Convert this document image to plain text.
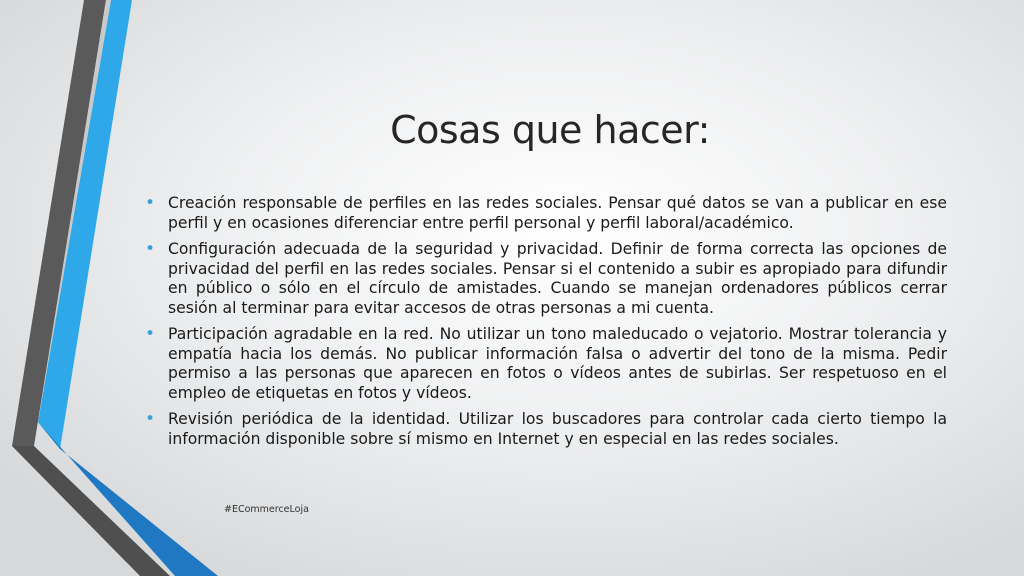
Cosas que hacer:
• Creación responsable de perfiles en las redes sociales. Pensar qué datos se van a publicar en ese perfil y en ocasiones diferenciar entre perfil personal y perfil laboral/académico.
• Configuración adecuada de la seguridad y privacidad. Definir de forma correcta las opciones de privacidad del perfil en las redes sociales. Pensar si el contenido a subir es apropiado para difundir en público o sólo en el círculo de amistades. Cuando se manejan ordenadores públicos cerrar sesión al terminar para evitar accesos de otras personas a mi cuenta.
• Participación agradable en la red. No utilizar un tono maleducado o vejatorio. Mostrar tolerancia y empatía hacia los demás. No publicar información falsa o advertir del tono de la misma. Pedir permiso a las personas que aparecen en fotos o vídeos antes de subirlas. Ser respetuoso en el empleo de etiquetas en fotos y vídeos.
• Revisión periódica de la identidad. Utilizar los buscadores para controlar cada cierto tiempo la información disponible sobre sí mismo en Internet y en especial en las redes sociales.
#ECommerceLoja
